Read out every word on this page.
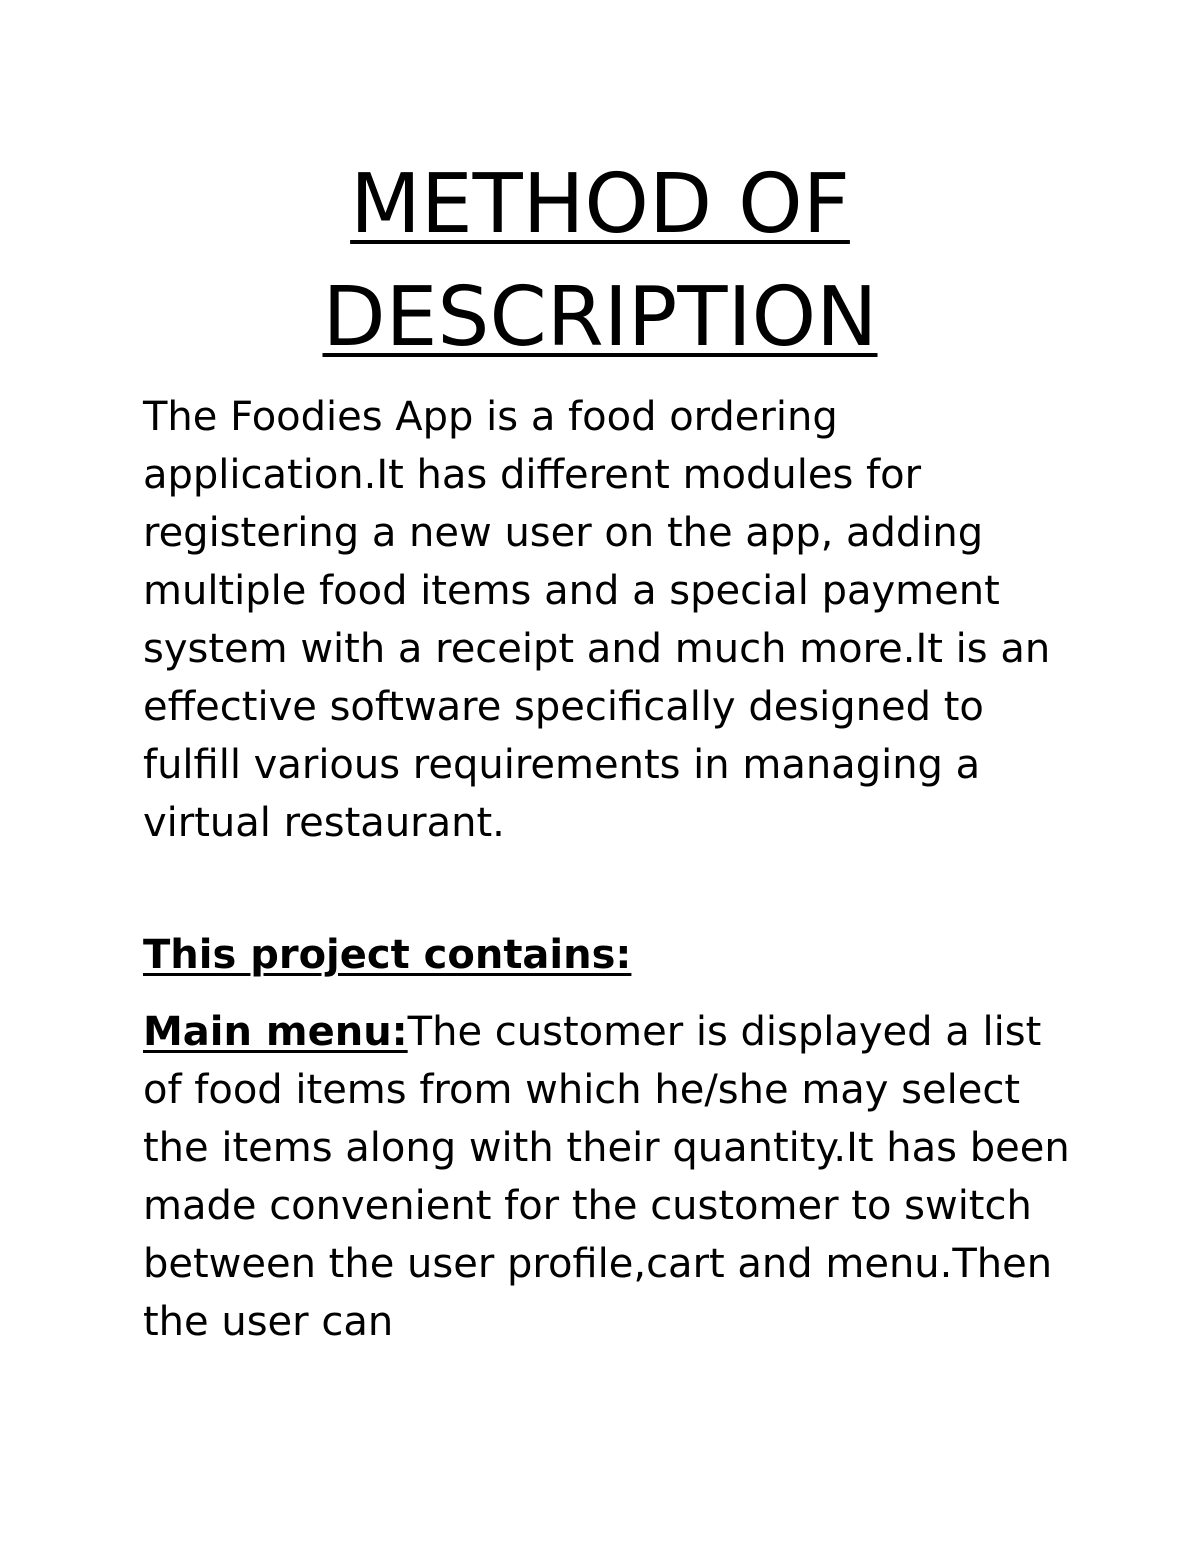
METHOD OF
DESCRIPTION

The Foodies App is a food ordering application.It has different modules for registering a new user on the app, adding multiple food items and a special payment system with a receipt and much more.It is an effective software specifically designed to fulfill various requirements in managing a virtual restaurant.

This project contains:

Main menu:The customer is displayed a list of food items from which he/she may select the items along with their quantity.It has been made convenient for the customer to switch between the user profile,cart and menu.Then the user can
